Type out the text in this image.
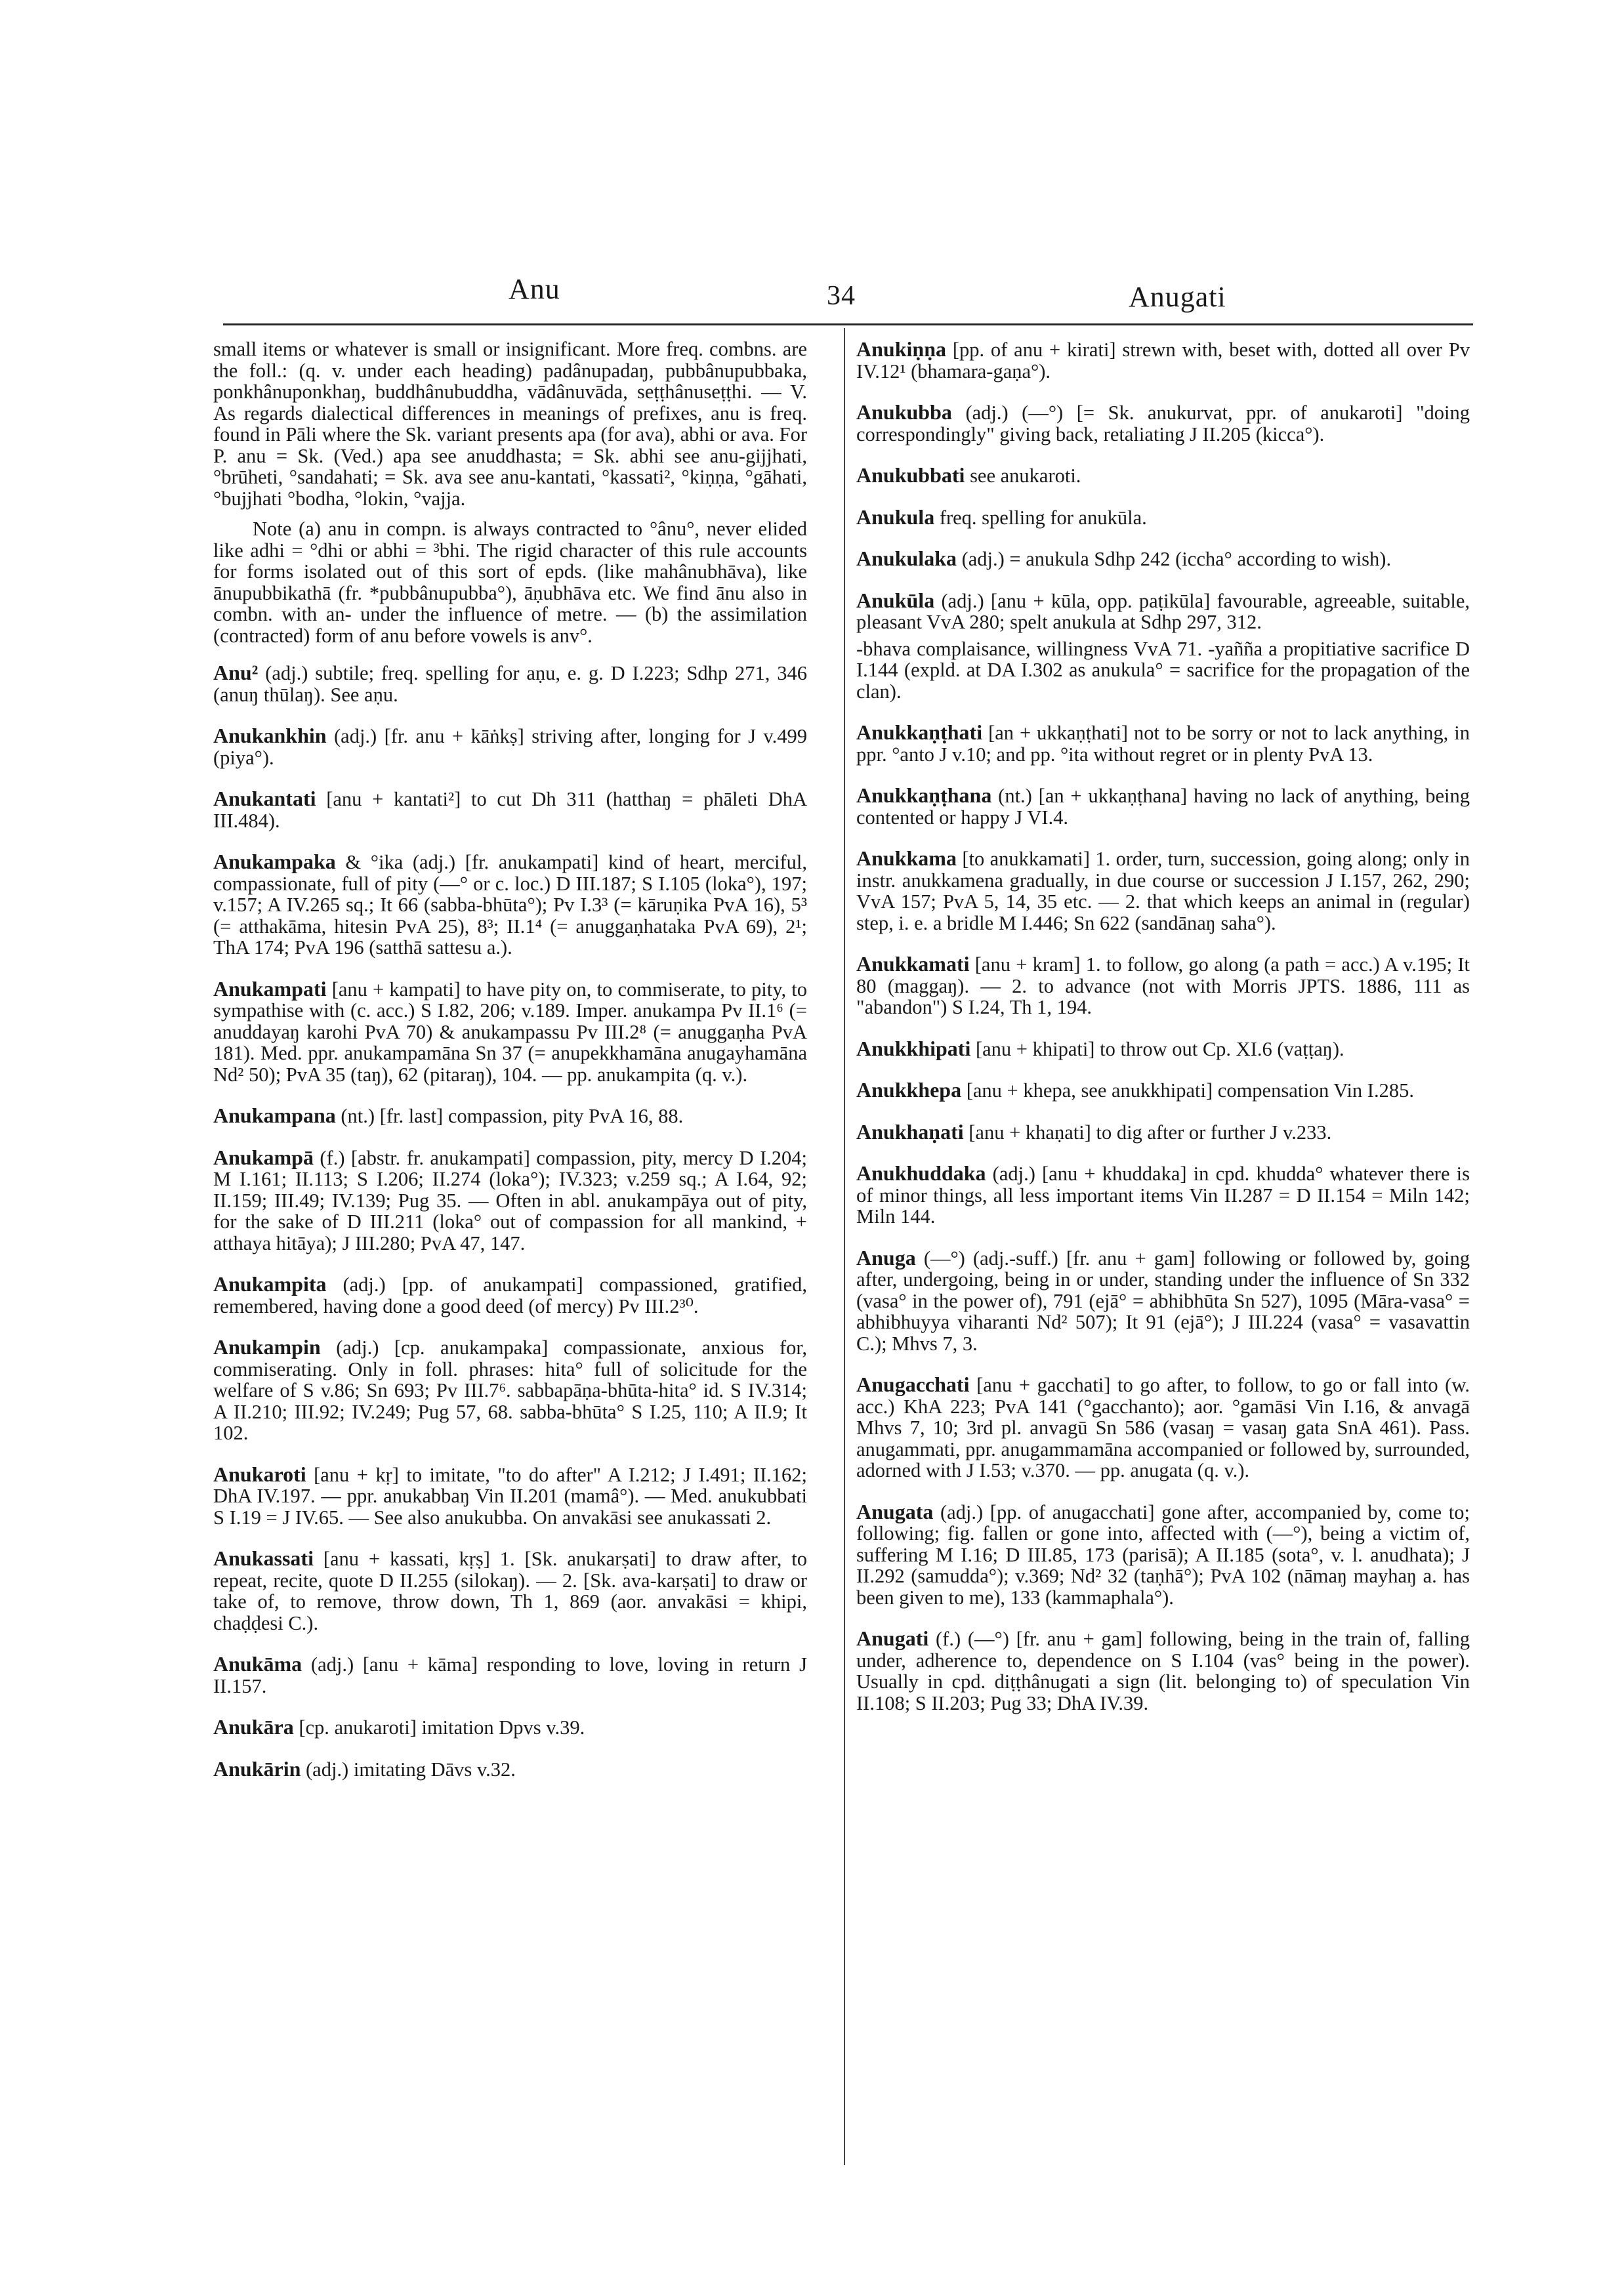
Anu	34	Anugati
small items or whatever is small or insignificant. More freq. combns. are the foll.: (q. v. under each heading) padânupadaŋ, pubbânupubbaka, ponkhânuponkhaŋ, buddhânubuddha, vādânuvāda, seṭṭhânuseṭṭhi. — V. As regards dialectical differences in meanings of prefixes, anu is freq. found in Pāli where the Sk. variant presents apa (for ava), abhi or ava. For P. anu = Sk. (Ved.) apa see anuddhasta; = Sk. abhi see anu-gijjhati, °brūheti, °sandahati; = Sk. ava see anu-kantati, °kassati², °kiṇṇa, °gāhati, °bujjhati °bodha, °lokin, °vajja.
Note (a) anu in compn. is always contracted to °ânu°, never elided like adhi = °dhi or abhi = ³bhi. The rigid character of this rule accounts for forms isolated out of this sort of epds. (like mahânubhāva), like ānupubbikathā (fr. *pubbânupubba°), āṇubhāva etc. We find ānu also in combn. with an- under the influence of metre. — (b) the assimilation (contracted) form of anu before vowels is anv°.
Anu² (adj.) subtile; freq. spelling for aṇu, e. g. D I.223; Sdhp 271, 346 (anuŋ thūlaŋ). See aṇu.
Anukankhin (adj.) [fr. anu + kāṅkṣ] striving after, longing for J v.499 (piya°).
Anukantati [anu + kantati²] to cut Dh 311 (hatthaŋ = phāleti DhA III.484).
Anukampaka & °ika (adj.) [fr. anukampati] kind of heart, merciful, compassionate, full of pity (—° or c. loc.) D III.187; S I.105 (loka°), 197; v.157; A IV.265 sq.; It 66 (sabba-bhūta°); Pv I.3³ (= kāruṇika PvA 16), 5³ (= atthakāma, hitesin PvA 25), 8³; II.1⁴ (= anuggaṇhataka PvA 69), 2¹; ThA 174; PvA 196 (satthā sattesu a.).
Anukampati [anu + kampati] to have pity on, to commiserate, to pity, to sympathise with (c. acc.) S I.82, 206; v.189. Imper. anukampa Pv II.1⁶ (= anuddayaŋ karohi PvA 70) & anukampassu Pv III.2⁸ (= anuggaṇha PvA 181). Med. ppr. anukampamāna Sn 37 (= anupekkhamāna anugayhamāna Nd² 50); PvA 35 (taŋ), 62 (pitaraŋ), 104. — pp. anukampita (q. v.).
Anukampana (nt.) [fr. last] compassion, pity PvA 16, 88.
Anukampā (f.) [abstr. fr. anukampati] compassion, pity, mercy D I.204; M I.161; II.113; S I.206; II.274 (loka°); IV.323; v.259 sq.; A I.64, 92; II.159; III.49; IV.139; Pug 35. — Often in abl. anukampāya out of pity, for the sake of D III.211 (loka° out of compassion for all mankind, + atthaya hitāya); J III.280; PvA 47, 147.
Anukampita (adj.) [pp. of anukampati] compassioned, gratified, remembered, having done a good deed (of mercy) Pv III.2³⁰.
Anukampin (adj.) [cp. anukampaka] compassionate, anxious for, commiserating. Only in foll. phrases: hita° full of solicitude for the welfare of S v.86; Sn 693; Pv III.7⁶. sabbapāṇa-bhūta-hita° id. S IV.314; A II.210; III.92; IV.249; Pug 57, 68. sabba-bhūta° S I.25, 110; A II.9; It 102.
Anukaroti [anu + kṛ] to imitate, "to do after" A I.212; J I.491; II.162; DhA IV.197. — ppr. anukabbaŋ Vin II.201 (mamâ°). — Med. anukubbati S I.19 = J IV.65. — See also anukubba. On anvakāsi see anukassati 2.
Anukassati [anu + kassati, kṛṣ] 1. [Sk. anukarṣati] to draw after, to repeat, recite, quote D II.255 (silokaŋ). — 2. [Sk. ava-karṣati] to draw or take of, to remove, throw down, Th 1, 869 (aor. anvakāsi = khipi, chaḍḍesi C.).
Anukāma (adj.) [anu + kāma] responding to love, loving in return J II.157.
Anukāra [cp. anukaroti] imitation Dpvs v.39.
Anukārin (adj.) imitating Dāvs v.32.
Anukiṇṇa [pp. of anu + kirati] strewn with, beset with, dotted all over Pv IV.12¹ (bhamara-gaṇa°).
Anukubba (adj.) (—°) [= Sk. anukurvat, ppr. of anukaroti] "doing correspondingly" giving back, retaliating J II.205 (kicca°).
Anukubbati see anukaroti.
Anukula freq. spelling for anukūla.
Anukulaka (adj.) = anukula Sdhp 242 (iccha° according to wish).
Anukūla (adj.) [anu + kūla, opp. paṭikūla] favourable, agreeable, suitable, pleasant VvA 280; spelt anukula at Sdhp 297, 312.
-bhava complaisance, willingness VvA 71. -yañña a propitiative sacrifice D I.144 (expld. at DA I.302 as anukula° = sacrifice for the propagation of the clan).
Anukkaṇṭhati [an + ukkaṇṭhati] not to be sorry or not to lack anything, in ppr. °anto J v.10; and pp. °ita without regret or in plenty PvA 13.
Anukkaṇṭhana (nt.) [an + ukkaṇṭhana] having no lack of anything, being contented or happy J VI.4.
Anukkama [to anukkamati] 1. order, turn, succession, going along; only in instr. anukkamena gradually, in due course or succession J I.157, 262, 290; VvA 157; PvA 5, 14, 35 etc. — 2. that which keeps an animal in (regular) step, i. e. a bridle M I.446; Sn 622 (sandānaŋ saha°).
Anukkamati [anu + kram] 1. to follow, go along (a path = acc.) A v.195; It 80 (maggaŋ). — 2. to advance (not with Morris JPTS. 1886, 111 as "abandon") S I.24, Th 1, 194.
Anukkhipati [anu + khipati] to throw out Cp. XI.6 (vaṭṭaŋ).
Anukkhepa [anu + khepa, see anukkhipati] compensation Vin I.285.
Anukhaṇati [anu + khaṇati] to dig after or further J v.233.
Anukhuddaka (adj.) [anu + khuddaka] in cpd. khudda° whatever there is of minor things, all less important items Vin II.287 = D II.154 = Miln 142; Miln 144.
Anuga (—°) (adj.-suff.) [fr. anu + gam] following or followed by, going after, undergoing, being in or under, standing under the influence of Sn 332 (vasa° in the power of), 791 (ejā° = abhibhūta Sn 527), 1095 (Māra-vasa° = abhibhuyya viharanti Nd² 507); It 91 (ejā°); J III.224 (vasa° = vasavattin C.); Mhvs 7, 3.
Anugacchati [anu + gacchati] to go after, to follow, to go or fall into (w. acc.) KhA 223; PvA 141 (°gacchanto); aor. °gamāsi Vin I.16, & anvagā Mhvs 7, 10; 3rd pl. anvagū Sn 586 (vasaŋ = vasaŋ gata SnA 461). Pass. anugammati, ppr. anugammamāna accompanied or followed by, surrounded, adorned with J I.53; v.370. — pp. anugata (q. v.).
Anugata (adj.) [pp. of anugacchati] gone after, accompanied by, come to; following; fig. fallen or gone into, affected with (—°), being a victim of, suffering M I.16; D III.85, 173 (parisā); A II.185 (sota°, v. l. anudhata); J II.292 (samudda°); v.369; Nd² 32 (taṇhā°); PvA 102 (nāmaŋ mayhaŋ a. has been given to me), 133 (kammaphala°).
Anugati (f.) (—°) [fr. anu + gam] following, being in the train of, falling under, adherence to, dependence on S I.104 (vas° being in the power). Usually in cpd. diṭṭhânugati a sign (lit. belonging to) of speculation Vin II.108; S II.203; Pug 33; DhA IV.39.
